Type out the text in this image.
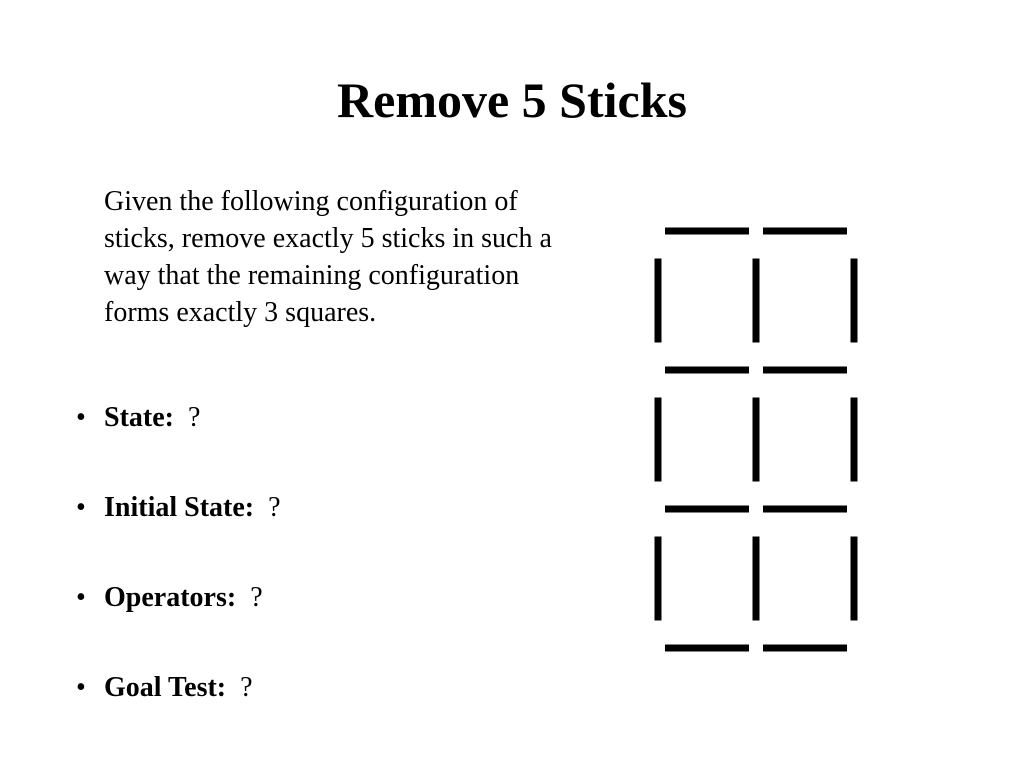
Remove 5 Sticks

Given the following configuration of sticks, remove exactly 5 sticks in such a way that the remaining configuration forms exactly 3 squares.

• State: ?
• Initial State: ?
• Operators: ?
• Goal Test: ?
